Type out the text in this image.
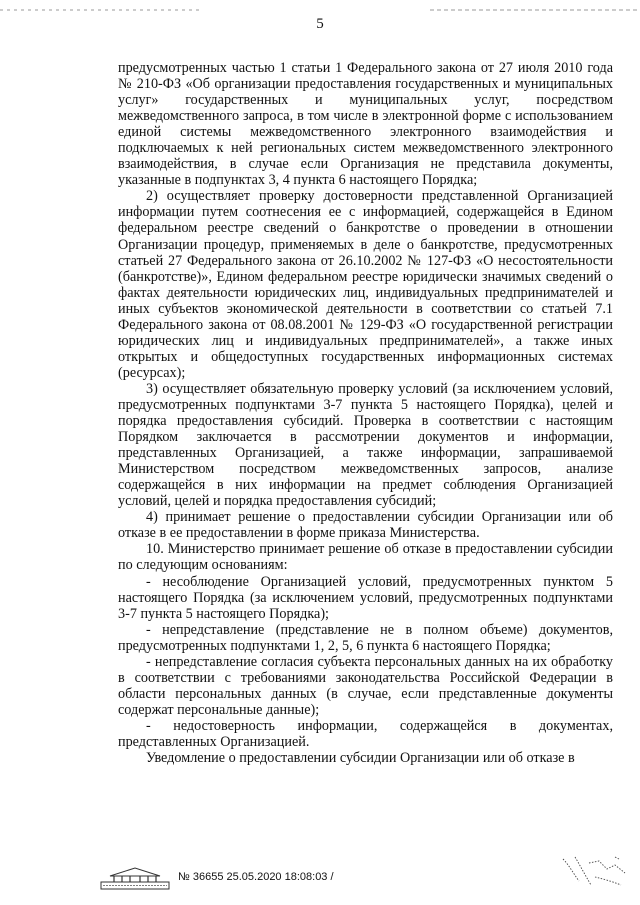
5

предусмотренных частью 1 статьи 1 Федерального закона от 27 июля 2010 года № 210-ФЗ «Об организации предоставления государственных и муниципальных услуг» государственных и муниципальных услуг, посредством межведомственного запроса, в том числе в электронной форме с использованием единой системы межведомственного электронного взаимодействия и подключаемых к ней региональных систем межведомственного электронного взаимодействия, в случае если Организация не представила документы, указанные в подпунктах 3, 4 пункта 6 настоящего Порядка;

2) осуществляет проверку достоверности представленной Организацией информации путем соотнесения ее с информацией, содержащейся в Едином федеральном реестре сведений о банкротстве о проведении в отношении Организации процедур, применяемых в деле о банкротстве, предусмотренных статьей 27 Федерального закона от 26.10.2002 № 127-ФЗ «О несостоятельности (банкротстве)», Едином федеральном реестре юридически значимых сведений о фактах деятельности юридических лиц, индивидуальных предпринимателей и иных субъектов экономической деятельности в соответствии со статьей 7.1 Федерального закона от 08.08.2001 № 129-ФЗ «О государственной регистрации юридических лиц и индивидуальных предпринимателей», а также иных открытых и общедоступных государственных информационных системах (ресурсах);

3) осуществляет обязательную проверку условий (за исключением условий, предусмотренных подпунктами 3-7 пункта 5 настоящего Порядка), целей и порядка предоставления субсидий. Проверка в соответствии с настоящим Порядком заключается в рассмотрении документов и информации, представленных Организацией, а также информации, запрашиваемой Министерством посредством межведомственных запросов, анализе содержащейся в них информации на предмет соблюдения Организацией условий, целей и порядка предоставления субсидий;

4) принимает решение о предоставлении субсидии Организации или об отказе в ее предоставлении в форме приказа Министерства.

10. Министерство принимает решение об отказе в предоставлении субсидии по следующим основаниям:

- несоблюдение Организацией условий, предусмотренных пунктом 5 настоящего Порядка (за исключением условий, предусмотренных подпунктами 3-7 пункта 5 настоящего Порядка);

- непредставление (представление не в полном объеме) документов, предусмотренных подпунктами 1, 2, 5, 6 пункта 6 настоящего Порядка;

- непредставление согласия субъекта персональных данных на их обработку в соответствии с требованиями законодательства Российской Федерации в области персональных данных (в случае, если представленные документы содержат персональные данные);

- недостоверность информации, содержащейся в документах, представленных Организацией.

Уведомление о предоставлении субсидии Организации или об отказе в

№ 36655 25.05.2020 18:08:03 /
